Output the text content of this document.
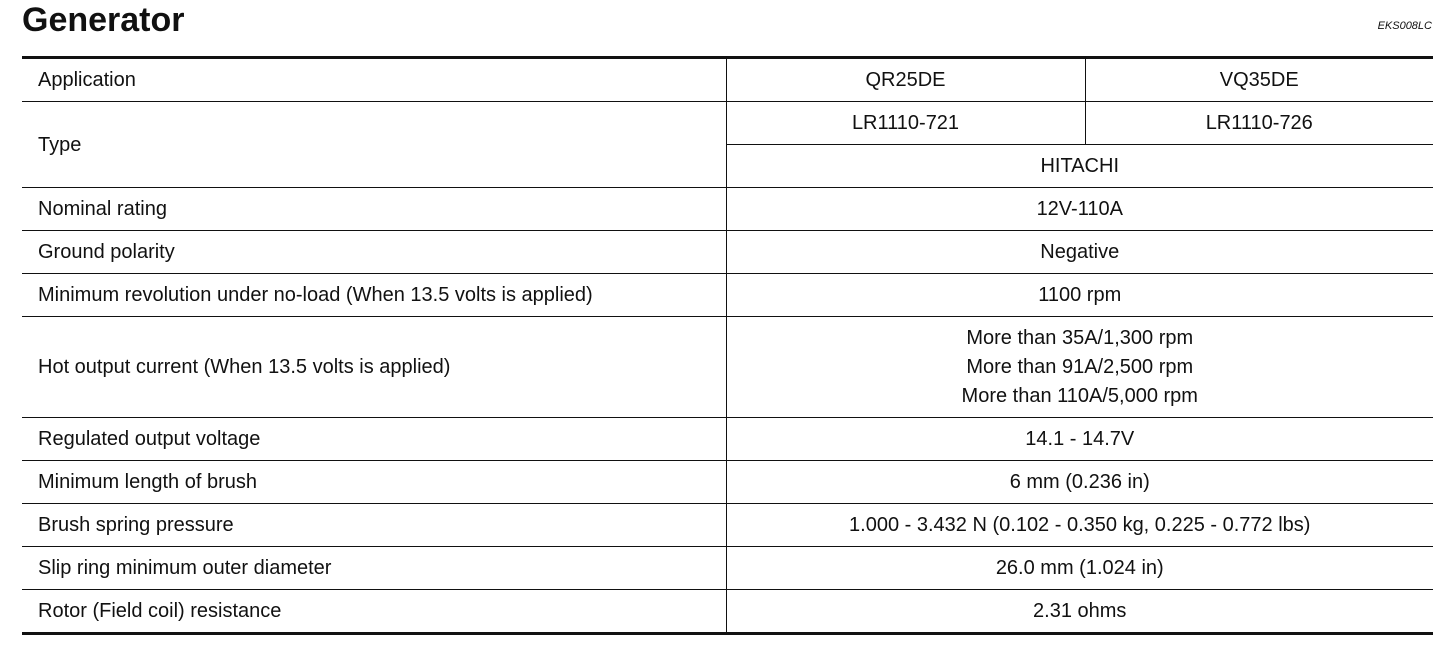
Generator	EKS008LC
Application	QR25DE	VQ35DE
Type	LR1110-721	LR1110-726
	HITACHI	
Nominal rating	12V-110A	
Ground polarity	Negative	
Minimum revolution under no-load (When 13.5 volts is applied)	1100 rpm	
Hot output current (When 13.5 volts is applied)	More than 35A/1,300 rpm
More than 91A/2,500 rpm
More than 110A/5,000 rpm	

Regulated output voltage	14.1 - 14.7V	
Minimum length of brush	6 mm (0.236 in)	
Brush spring pressure	1.000 - 3.432 N (0.102 - 0.350 kg, 0.225 - 0.772 lbs)	
Slip ring minimum outer diameter	26.0 mm (1.024 in)	
Rotor (Field coil) resistance	2.31 ohms	
